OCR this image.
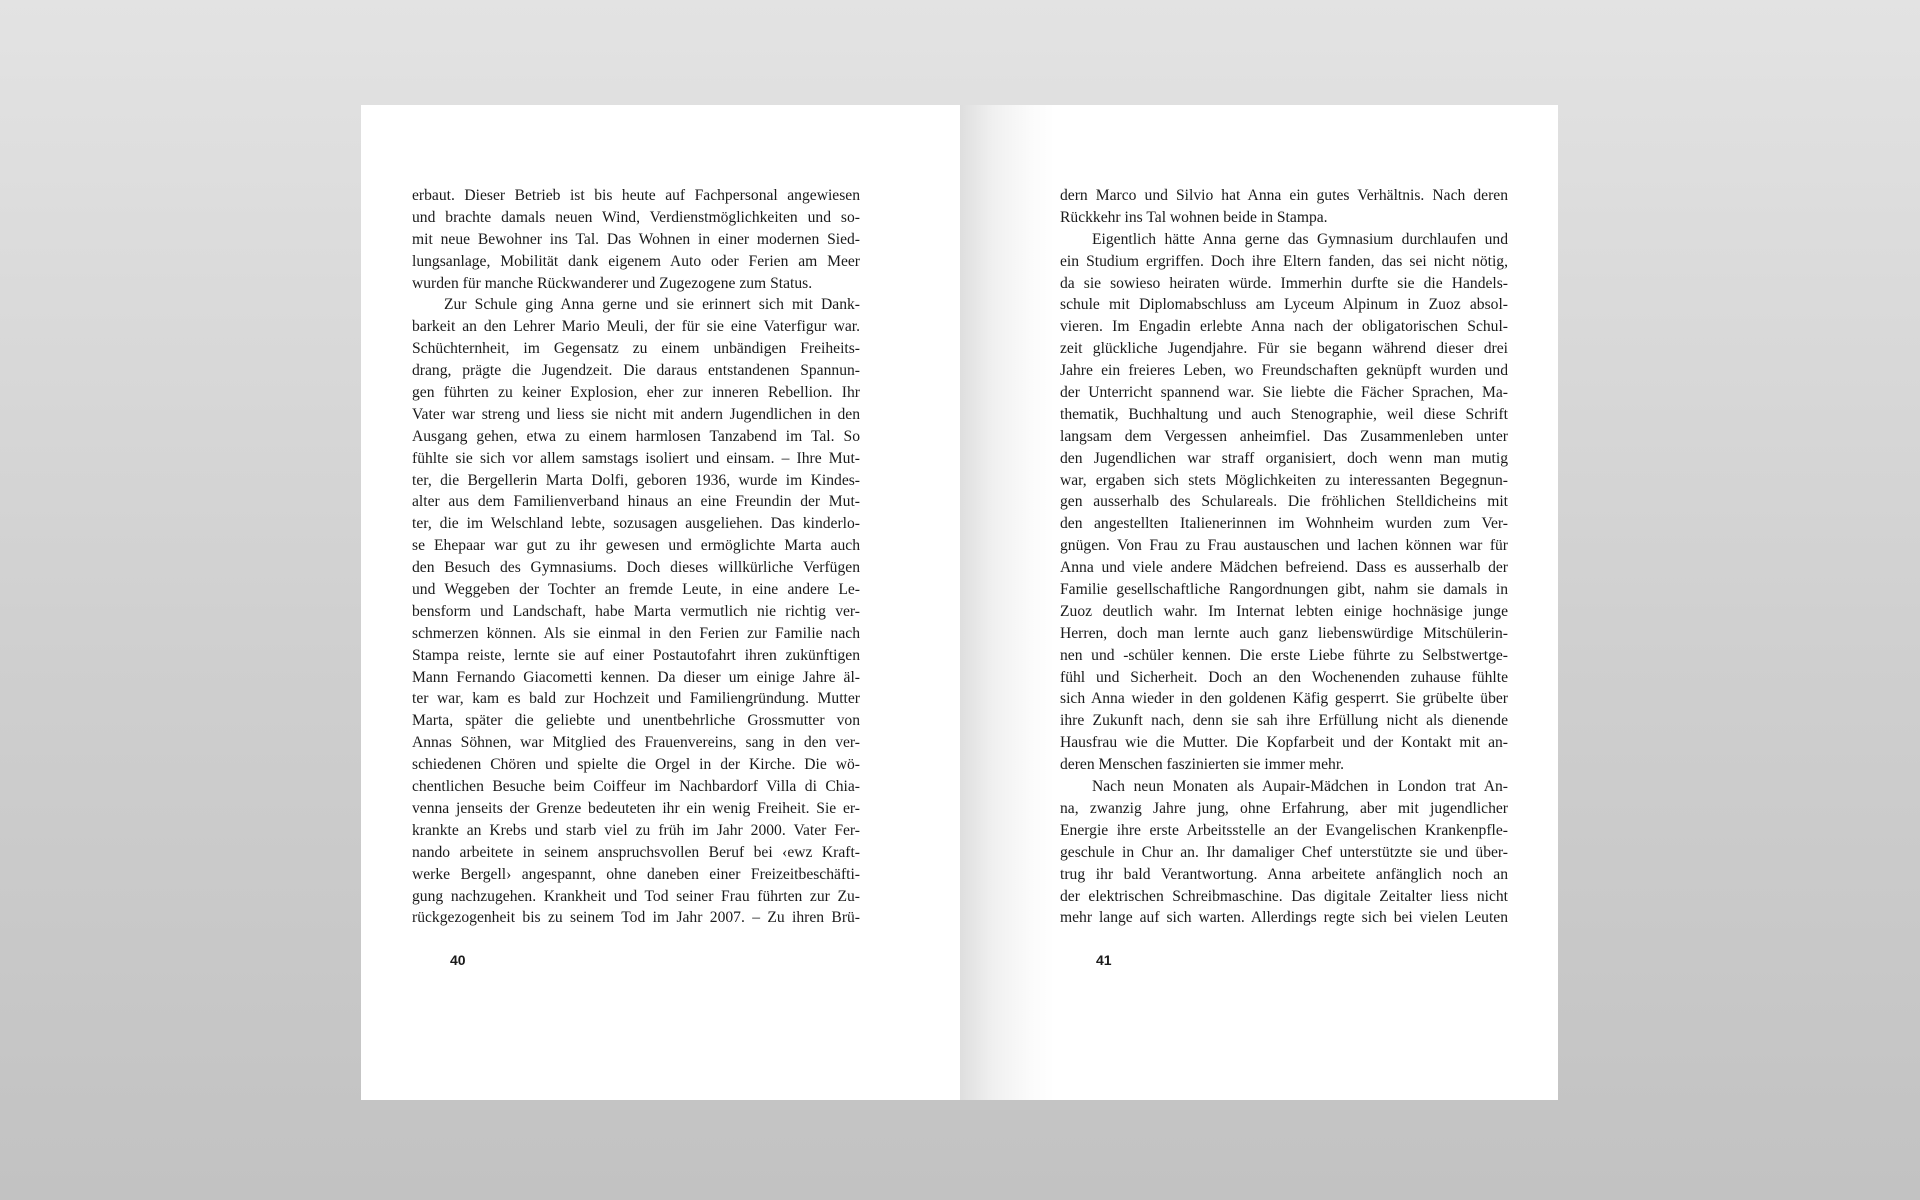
erbaut. Dieser Betrieb ist bis heute auf Fachpersonal angewiesen
und brachte damals neuen Wind, Verdienstmöglichkeiten und so-
mit neue Bewohner ins Tal. Das Wohnen in einer modernen Sied-
lungsanlage, Mobilität dank eigenem Auto oder Ferien am Meer
wurden für manche Rückwanderer und Zugezogene zum Status.
Zur Schule ging Anna gerne und sie erinnert sich mit Dank-
barkeit an den Lehrer Mario Meuli, der für sie eine Vaterfigur war.
Schüchternheit, im Gegensatz zu einem unbändigen Freiheits-
drang, prägte die Jugendzeit. Die daraus entstandenen Spannun-
gen führten zu keiner Explosion, eher zur inneren Rebellion. Ihr
Vater war streng und liess sie nicht mit andern Jugendlichen in den
Ausgang gehen, etwa zu einem harmlosen Tanzabend im Tal. So
fühlte sie sich vor allem samstags isoliert und einsam. – Ihre Mut-
ter, die Bergellerin Marta Dolfi, geboren 1936, wurde im Kindes-
alter aus dem Familienverband hinaus an eine Freundin der Mut-
ter, die im Welschland lebte, sozusagen ausgeliehen. Das kinderlo-
se Ehepaar war gut zu ihr gewesen und ermöglichte Marta auch
den Besuch des Gymnasiums. Doch dieses willkürliche Verfügen
und Weggeben der Tochter an fremde Leute, in eine andere Le-
bensform und Landschaft, habe Marta vermutlich nie richtig ver-
schmerzen können. Als sie einmal in den Ferien zur Familie nach
Stampa reiste, lernte sie auf einer Postautofahrt ihren zukünftigen
Mann Fernando Giacometti kennen. Da dieser um einige Jahre äl-
ter war, kam es bald zur Hochzeit und Familiengründung. Mutter
Marta, später die geliebte und unentbehrliche Grossmutter von
Annas Söhnen, war Mitglied des Frauenvereins, sang in den ver-
schiedenen Chören und spielte die Orgel in der Kirche. Die wö-
chentlichen Besuche beim Coiffeur im Nachbardorf Villa di Chia-
venna jenseits der Grenze bedeuteten ihr ein wenig Freiheit. Sie er-
krankte an Krebs und starb viel zu früh im Jahr 2000. Vater Fer-
nando arbeitete in seinem anspruchsvollen Beruf bei ‹ewz Kraft-
werke Bergell› angespannt, ohne daneben einer Freizeitbeschäfti-
gung nachzugehen. Krankheit und Tod seiner Frau führten zur Zu-
rückgezogenheit bis zu seinem Tod im Jahr 2007. – Zu ihren Brü-
40
dern Marco und Silvio hat Anna ein gutes Verhältnis. Nach deren
Rückkehr ins Tal wohnen beide in Stampa.
Eigentlich hätte Anna gerne das Gymnasium durchlaufen und
ein Studium ergriffen. Doch ihre Eltern fanden, das sei nicht nötig,
da sie sowieso heiraten würde. Immerhin durfte sie die Handels-
schule mit Diplomabschluss am Lyceum Alpinum in Zuoz absol-
vieren. Im Engadin erlebte Anna nach der obligatorischen Schul-
zeit glückliche Jugendjahre. Für sie begann während dieser drei
Jahre ein freieres Leben, wo Freundschaften geknüpft wurden und
der Unterricht spannend war. Sie liebte die Fächer Sprachen, Ma-
thematik, Buchhaltung und auch Stenographie, weil diese Schrift
langsam dem Vergessen anheimfiel. Das Zusammenleben unter
den Jugendlichen war straff organisiert, doch wenn man mutig
war, ergaben sich stets Möglichkeiten zu interessanten Begegnun-
gen ausserhalb des Schulareals. Die fröhlichen Stelldicheins mit
den angestellten Italienerinnen im Wohnheim wurden zum Ver-
gnügen. Von Frau zu Frau austauschen und lachen können war für
Anna und viele andere Mädchen befreiend. Dass es ausserhalb der
Familie gesellschaftliche Rangordnungen gibt, nahm sie damals in
Zuoz deutlich wahr. Im Internat lebten einige hochnäsige junge
Herren, doch man lernte auch ganz liebenswürdige Mitschülerin-
nen und -schüler kennen. Die erste Liebe führte zu Selbstwertge-
fühl und Sicherheit. Doch an den Wochenenden zuhause fühlte
sich Anna wieder in den goldenen Käfig gesperrt. Sie grübelte über
ihre Zukunft nach, denn sie sah ihre Erfüllung nicht als dienende
Hausfrau wie die Mutter. Die Kopfarbeit und der Kontakt mit an-
deren Menschen faszinierten sie immer mehr.
Nach neun Monaten als Aupair-Mädchen in London trat An-
na, zwanzig Jahre jung, ohne Erfahrung, aber mit jugendlicher
Energie ihre erste Arbeitsstelle an der Evangelischen Krankenpfle-
geschule in Chur an. Ihr damaliger Chef unterstützte sie und über-
trug ihr bald Verantwortung. Anna arbeitete anfänglich noch an
der elektrischen Schreibmaschine. Das digitale Zeitalter liess nicht
mehr lange auf sich warten. Allerdings regte sich bei vielen Leuten
41
